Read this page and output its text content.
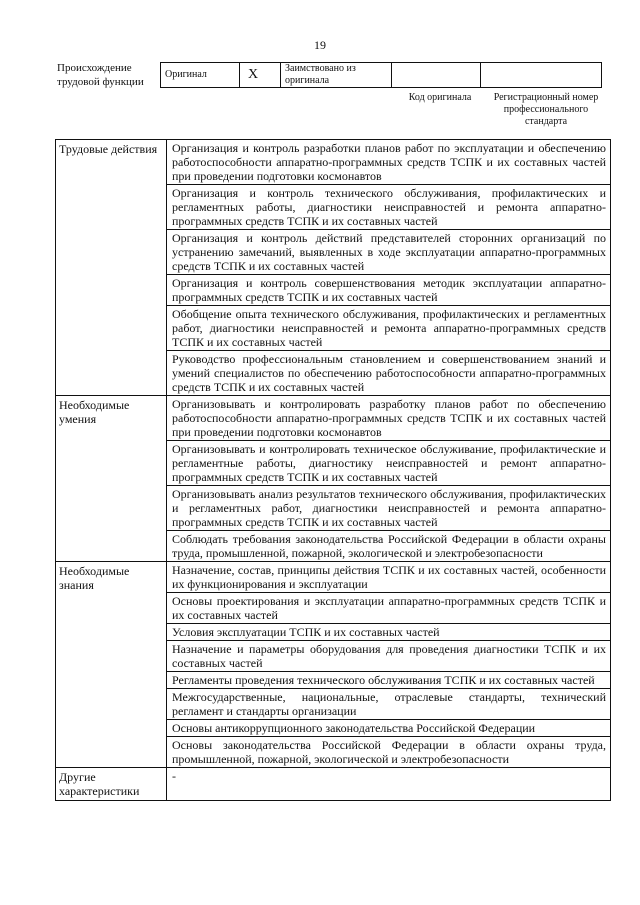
19
Происхождение трудовой функции
Оригинал	X	Заимствовано из оригинала		
Код оригинала	Регистрационный номер профессионального стандарта
Трудовые действия	Организация и контроль разработки планов работ по эксплуатации и обеспечению работоспособности аппаратно-программных средств ТСПК и их составных частей при проведении подготовки космонавтов
	Организация и контроль технического обслуживания, профилактических и регламентных работы, диагностики неисправностей и ремонта аппаратно-программных средств ТСПК и их составных частей
	Организация и контроль действий представителей сторонних организаций по устранению замечаний, выявленных в ходе эксплуатации аппаратно-программных средств ТСПК и их составных частей
	Организация и контроль совершенствования методик эксплуатации аппаратно-программных средств ТСПК и их составных частей
	Обобщение опыта технического обслуживания, профилактических и регламентных работ, диагностики неисправностей и ремонта аппаратно-программных средств ТСПК и их составных частей
	Руководство профессиональным становлением и совершенствованием знаний и умений специалистов по обеспечению работоспособности аппаратно-программных средств ТСПК и их составных частей
Необходимые умения	Организовывать и контролировать разработку планов работ по обеспечению работоспособности аппаратно-программных средств ТСПК и их составных частей при проведении подготовки космонавтов
	Организовывать и контролировать техническое обслуживание, профилактические и регламентные работы, диагностику неисправностей и ремонт аппаратно-программных средств ТСПК и их составных частей
	Организовывать анализ результатов технического обслуживания, профилактических и регламентных работ, диагностики неисправностей и ремонта аппаратно-программных средств ТСПК и их составных частей
	Соблюдать требования законодательства Российской Федерации в области охраны труда, промышленной, пожарной, экологической и электробезопасности
Необходимые знания	Назначение, состав, принципы действия ТСПК и их составных частей, особенности их функционирования и эксплуатации
	Основы проектирования и эксплуатации аппаратно-программных средств ТСПК и их составных частей
	Условия эксплуатации ТСПК и их составных частей
	Назначение и параметры оборудования для проведения диагностики ТСПК и их составных частей
	Регламенты проведения технического обслуживания ТСПК и их составных частей
	Межгосударственные, национальные, отраслевые стандарты, технический регламент и стандарты организации
	Основы антикоррупционного законодательства Российской Федерации
	Основы законодательства Российской Федерации в области охраны труда, промышленной, пожарной, экологической и электробезопасности
Другие характеристики	-
